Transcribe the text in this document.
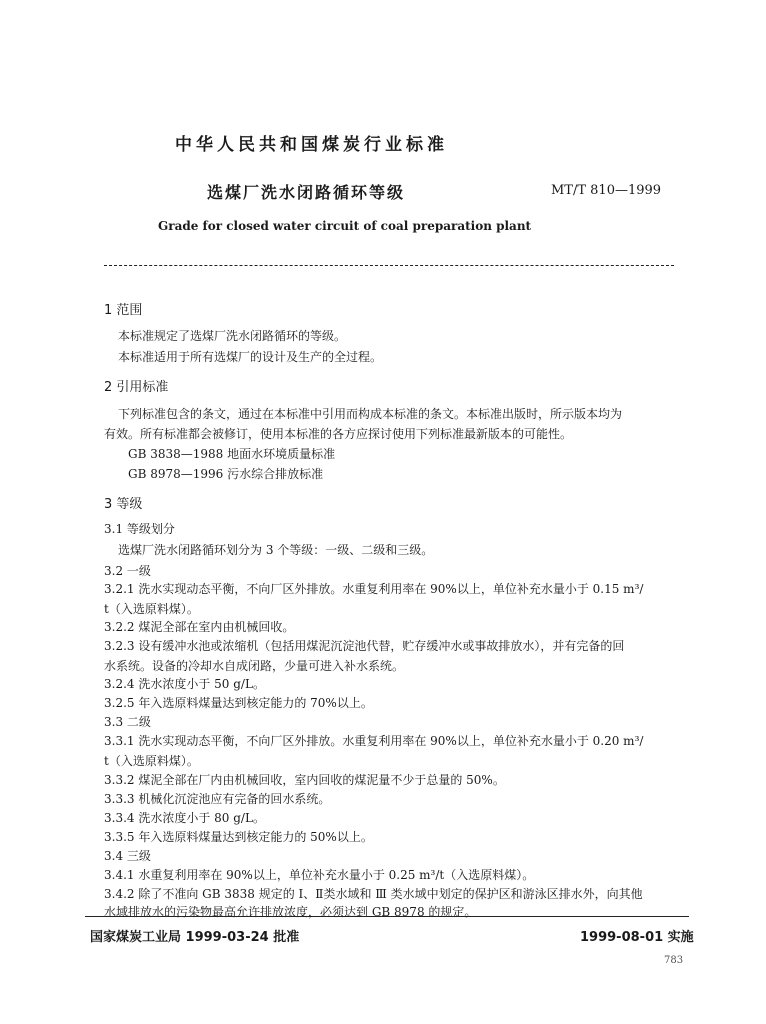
中华人民共和国煤炭行业标准
选煤厂洗水闭路循环等级	MT/T 810—1999
Grade for closed water circuit of coal preparation plant
1 范围
本标准规定了选煤厂洗水闭路循环的等级。
本标准适用于所有选煤厂的设计及生产的全过程。
2 引用标准
下列标准包含的条文，通过在本标准中引用而构成本标准的条文。本标准出版时，所示版本均为
有效。所有标准都会被修订，使用本标准的各方应探讨使用下列标准最新版本的可能性。
GB 3838—1988 地面水环境质量标准
GB 8978—1996 污水综合排放标准
3 等级
3.1 等级划分
选煤厂洗水闭路循环划分为 3 个等级：一级、二级和三级。
3.2 一级
3.2.1 洗水实现动态平衡，不向厂区外排放。水重复利用率在 90%以上，单位补充水量小于 0.15 m³/
t（入选原料煤）。
3.2.2 煤泥全部在室内由机械回收。
3.2.3 设有缓冲水池或浓缩机（包括用煤泥沉淀池代替，贮存缓冲水或事故排放水），并有完备的回
水系统。设备的冷却水自成闭路，少量可进入补水系统。
3.2.4 洗水浓度小于 50 g/L。
3.2.5 年入选原料煤量达到核定能力的 70%以上。
3.3 二级
3.3.1 洗水实现动态平衡，不向厂区外排放。水重复利用率在 90%以上，单位补充水量小于 0.20 m³/
t（入选原料煤）。
3.3.2 煤泥全部在厂内由机械回收，室内回收的煤泥量不少于总量的 50%。
3.3.3 机械化沉淀池应有完备的回水系统。
3.3.4 洗水浓度小于 80 g/L。
3.3.5 年入选原料煤量达到核定能力的 50%以上。
3.4 三级
3.4.1 水重复利用率在 90%以上，单位补充水量小于 0.25 m³/t（入选原料煤）。
3.4.2 除了不准向 GB 3838 规定的 Ⅰ、Ⅱ类水域和 Ⅲ 类水域中划定的保护区和游泳区排水外，向其他
水域排放水的污染物最高允许排放浓度，必须达到 GB 8978 的规定。
国家煤炭工业局 1999-03-24 批准	1999-08-01 实施
783
